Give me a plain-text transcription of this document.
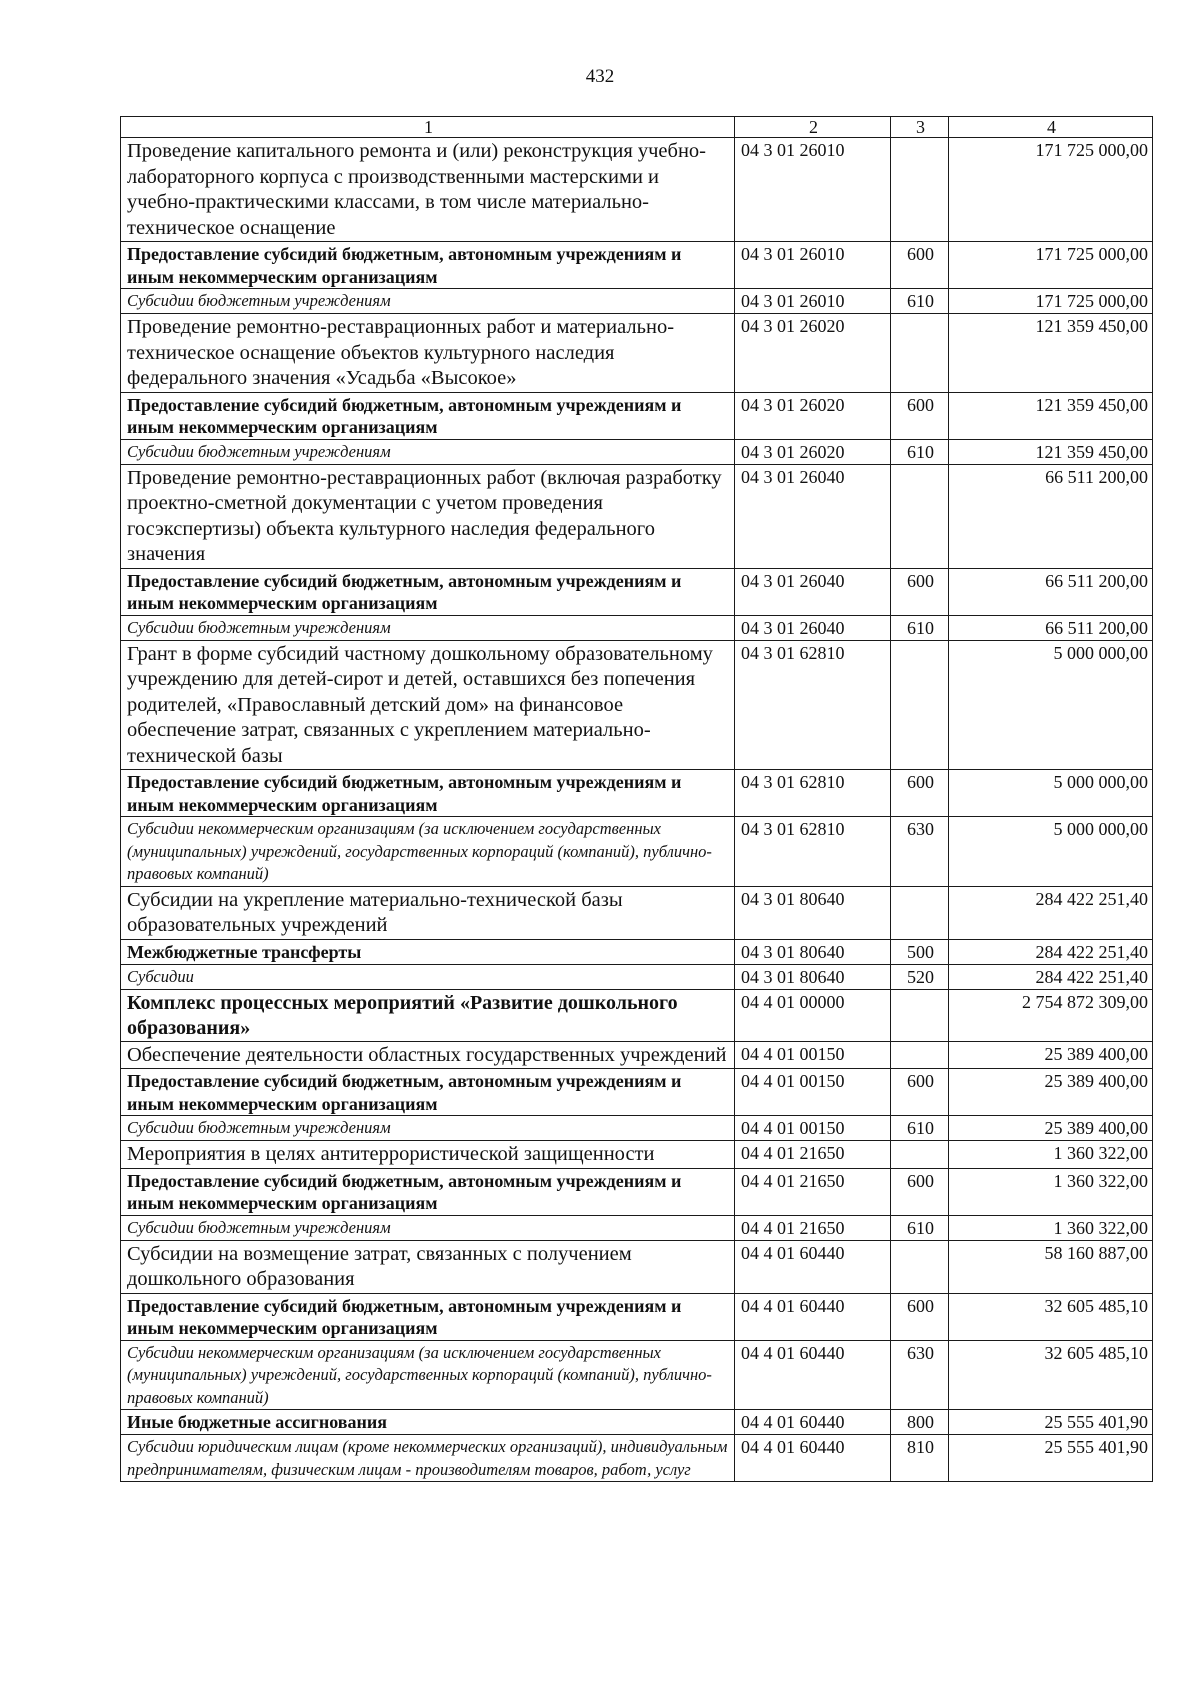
432
1	2	3	4
Проведение капитального ремонта и (или) реконструкция учебно-лабораторного корпуса с производственными мастерскими и учебно-практическими классами, в том числе материально-техническое оснащение	04 3 01 26010		171 725 000,00
Предоставление субсидий бюджетным, автономным учреждениям и иным некоммерческим организациям	04 3 01 26010	600	171 725 000,00
Субсидии бюджетным учреждениям	04 3 01 26010	610	171 725 000,00
Проведение ремонтно-реставрационных работ и материально-техническое оснащение объектов культурного наследия федерального значения «Усадьба «Высокое»	04 3 01 26020		121 359 450,00
Предоставление субсидий бюджетным, автономным учреждениям и иным некоммерческим организациям	04 3 01 26020	600	121 359 450,00
Субсидии бюджетным учреждениям	04 3 01 26020	610	121 359 450,00
Проведение ремонтно-реставрационных работ (включая разработку проектно-сметной документации с учетом проведения госэкспертизы) объекта культурного наследия федерального значения	04 3 01 26040		66 511 200,00
Предоставление субсидий бюджетным, автономным учреждениям и иным некоммерческим организациям	04 3 01 26040	600	66 511 200,00
Субсидии бюджетным учреждениям	04 3 01 26040	610	66 511 200,00
Грант в форме субсидий частному дошкольному образовательному учреждению для детей-сирот и детей, оставшихся без попечения родителей, «Православный детский дом» на финансовое обеспечение затрат, связанных с укреплением материально-технической базы	04 3 01 62810		5 000 000,00
Предоставление субсидий бюджетным, автономным учреждениям и иным некоммерческим организациям	04 3 01 62810	600	5 000 000,00
Субсидии некоммерческим организациям (за исключением государственных (муниципальных) учреждений, государственных корпораций (компаний), публично-правовых компаний)	04 3 01 62810	630	5 000 000,00
Субсидии на укрепление материально-технической базы образовательных учреждений	04 3 01 80640		284 422 251,40
Межбюджетные трансферты	04 3 01 80640	500	284 422 251,40
Субсидии	04 3 01 80640	520	284 422 251,40
Комплекс процессных мероприятий «Развитие дошкольного образования»	04 4 01 00000		2 754 872 309,00
Обеспечение деятельности областных государственных учреждений	04 4 01 00150		25 389 400,00
Предоставление субсидий бюджетным, автономным учреждениям и иным некоммерческим организациям	04 4 01 00150	600	25 389 400,00
Субсидии бюджетным учреждениям	04 4 01 00150	610	25 389 400,00
Мероприятия в целях антитеррористической защищенности	04 4 01 21650		1 360 322,00
Предоставление субсидий бюджетным, автономным учреждениям и иным некоммерческим организациям	04 4 01 21650	600	1 360 322,00
Субсидии бюджетным учреждениям	04 4 01 21650	610	1 360 322,00
Субсидии на возмещение затрат, связанных с получением дошкольного образования	04 4 01 60440		58 160 887,00
Предоставление субсидий бюджетным, автономным учреждениям и иным некоммерческим организациям	04 4 01 60440	600	32 605 485,10
Субсидии некоммерческим организациям (за исключением государственных (муниципальных) учреждений, государственных корпораций (компаний), публично-правовых компаний)	04 4 01 60440	630	32 605 485,10
Иные бюджетные ассигнования	04 4 01 60440	800	25 555 401,90
Субсидии юридическим лицам (кроме некоммерческих организаций), индивидуальным предпринимателям, физическим лицам - производителям товаров, работ, услуг	04 4 01 60440	810	25 555 401,90
